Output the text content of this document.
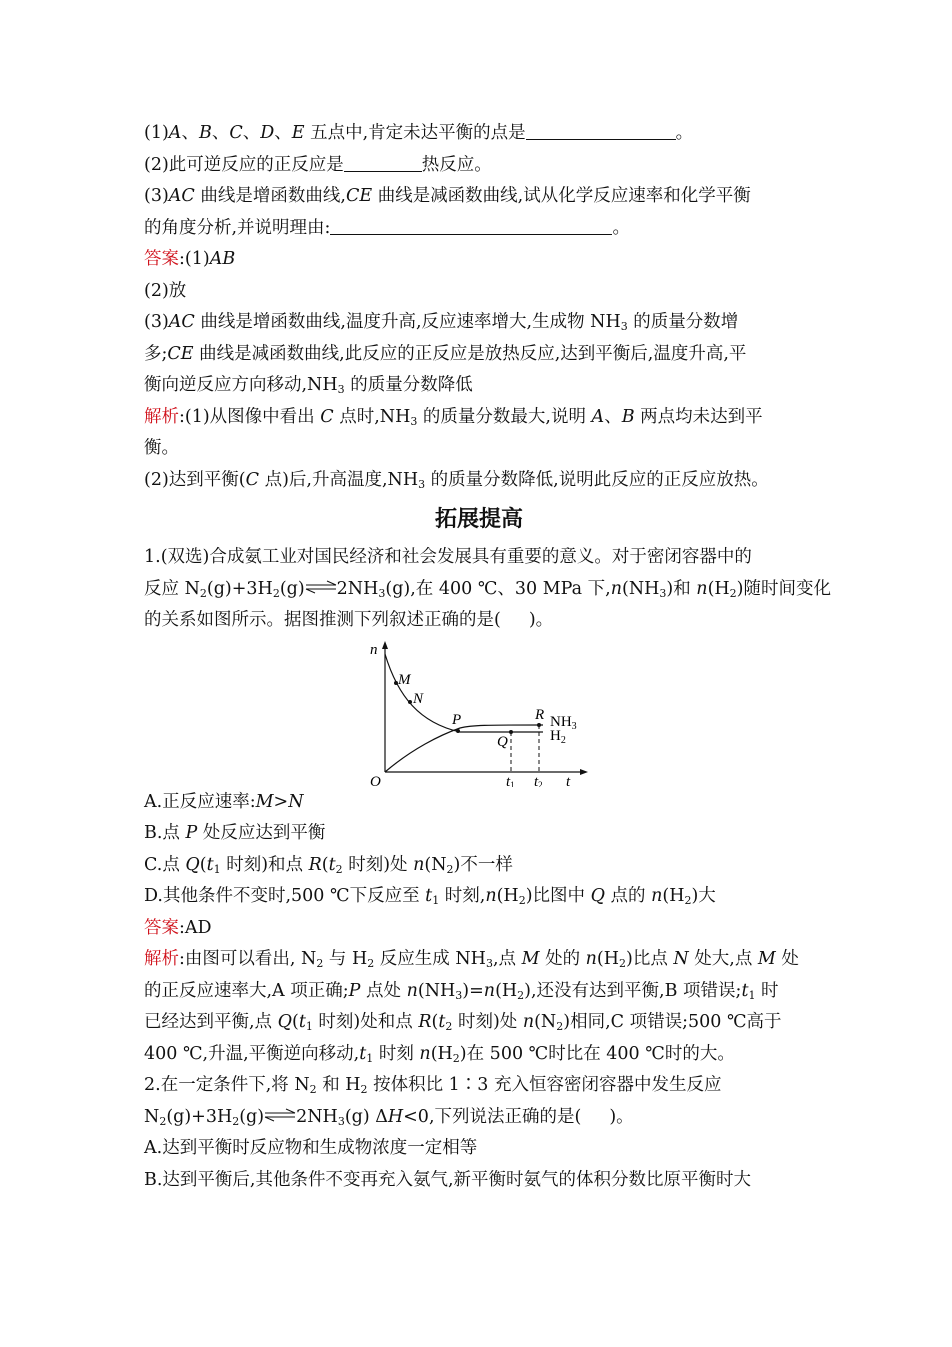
(1)A、B、C、D、E 五点中,肯定未达平衡的点是	。
(2)此可逆反应的正反应是	热反应。
(3)AC 曲线是增函数曲线,CE 曲线是减函数曲线,试从化学反应速率和化学平衡
的角度分析,并说明理由:	。
答案:(1)AB
(2)放
(3)AC 曲线是增函数曲线,温度升高,反应速率增大,生成物 $NH_3$ 的质量分数增
多;CE 曲线是减函数曲线,此反应的正反应是放热反应,达到平衡后,温度升高,平
衡向逆反应方向移动$,NH_3$ 的质量分数降低
解析:(1)从图像中看出 C 点时$,NH_3$ 的质量分数最大,说明 A、B 两点均未达到平
衡。
(2)达到平衡(C 点)后,升高温度$,NH_3$ 的质量分数降低,说明此反应的正反应放热。
拓展提高
1.(双选)合成氨工业对国民经济和社会发展具有重要的意义。对于密闭容器中的
反应 $N_2(g)+3H_2(g)\rightleftharpoons 2NH_3(g)$,在 400 ℃、30 MPa 下$,n(NH_3)$和 $n(H_2)$随时间变化
的关系如图所示。据图推测下列叙述正确的是( )。
n
M
N
P
Q
R $NH_3$
$H_2$
O	t1 t2 t
A.正反应速率:M>N
B.点 P 处反应达到平衡
C.点 $Q(t_1$ 时刻)和点 $R(t_2$ 时刻)处 $n(N_2)$不一样
D.其他条件不变时,500 ℃下反应至 $t_1$ 时刻$,n(H_2)$比图中 Q 点的 $n(H_2)$大
答案:AD
解析:由图可以看出, $N_2$ 与 $H_2$ 反应生成 $NH_3$,点 M 处的 $n(H_2)$比点 N 处大,点 M 处
的正反应速率大,A 项正确;P 点处 $n(NH_3)=n(H_2)$,还没有达到平衡,B 项错误$;t_1$ 时
已经达到平衡,点 $Q(t_1$ 时刻)处和点 $R(t_2$ 时刻)处 $n(N_2)$相同,C 项错误;500 ℃高于
400 ℃,升温,平衡逆向移动$,t_1$ 时刻 $n(H_2)$在 500 ℃时比在 400 ℃时的大。
2.在一定条件下,将 $N_2$ 和 $H_2$ 按体积比 1∶3 充入恒容密闭容器中发生反应
$N_2(g)+3H_2(g)\rightleftharpoons 2NH_3(g)$ ΔH<0,下列说法正确的是( )。
A.达到平衡时反应物和生成物浓度一定相等
B.达到平衡后,其他条件不变再充入氨气,新平衡时氨气的体积分数比原平衡时大
